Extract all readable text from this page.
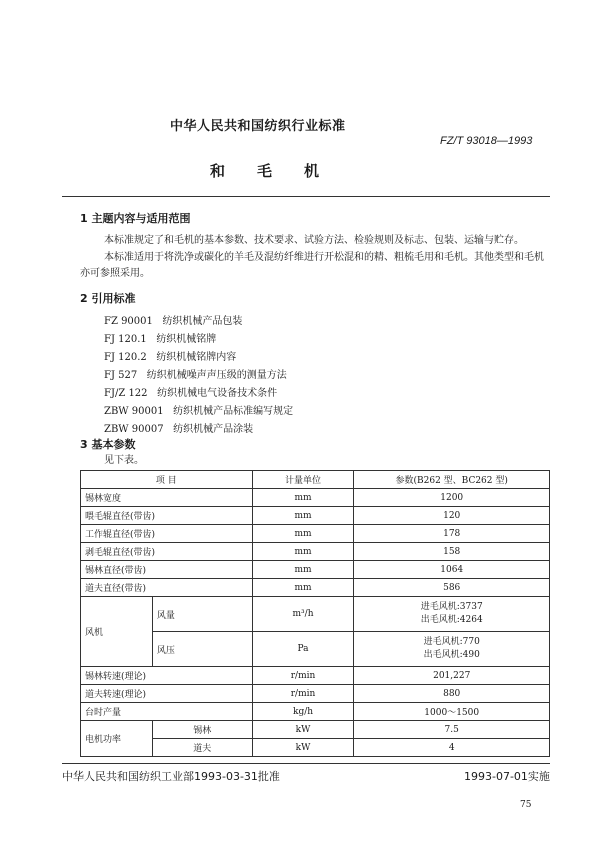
中华人民共和国纺织行业标准
FZ/T 93018—1993
和毛机
1 主题内容与适用范围
本标准规定了和毛机的基本参数、技术要求、试验方法、检验规则及标志、包装、运输与贮存。
本标准适用于将洗净或碳化的羊毛及混纺纤维进行开松混和的精、粗梳毛用和毛机。其他类型和毛机亦可参照采用。
2 引用标准
FZ 90001 纺织机械产品包装
FJ 120.1 纺织机械铭牌
FJ 120.2 纺织机械铭牌内容
FJ 527 纺织机械噪声声压级的测量方法
FJ/Z 122 纺织机械电气设备技术条件
ZBW 90001 纺织机械产品标准编写规定
ZBW 90007 纺织机械产品涂装
3 基本参数
见下表。
项 目		计量单位	参数(B262 型、BC262 型)
锡林宽度		mm	1200
喂毛辊直径(带齿)		mm	120
工作辊直径(带齿)		mm	178
剥毛辊直径(带齿)		mm	158
锡林直径(带齿)		mm	1064
道夫直径(带齿)		mm	586
风机	风量	m³/h	进毛风机:3737
出毛风机:4264

	风压	Pa	进毛风机:770
出毛风机:490

锡林转速(理论)		r/min	201,227
道夫转速(理论)		r/min	880
台时产量		kg/h	1000～1500
电机功率	锡林	kW	7.5
	道夫	kW	4
中华人民共和国纺织工业部1993-03-31批准	1993-07-01实施
75
